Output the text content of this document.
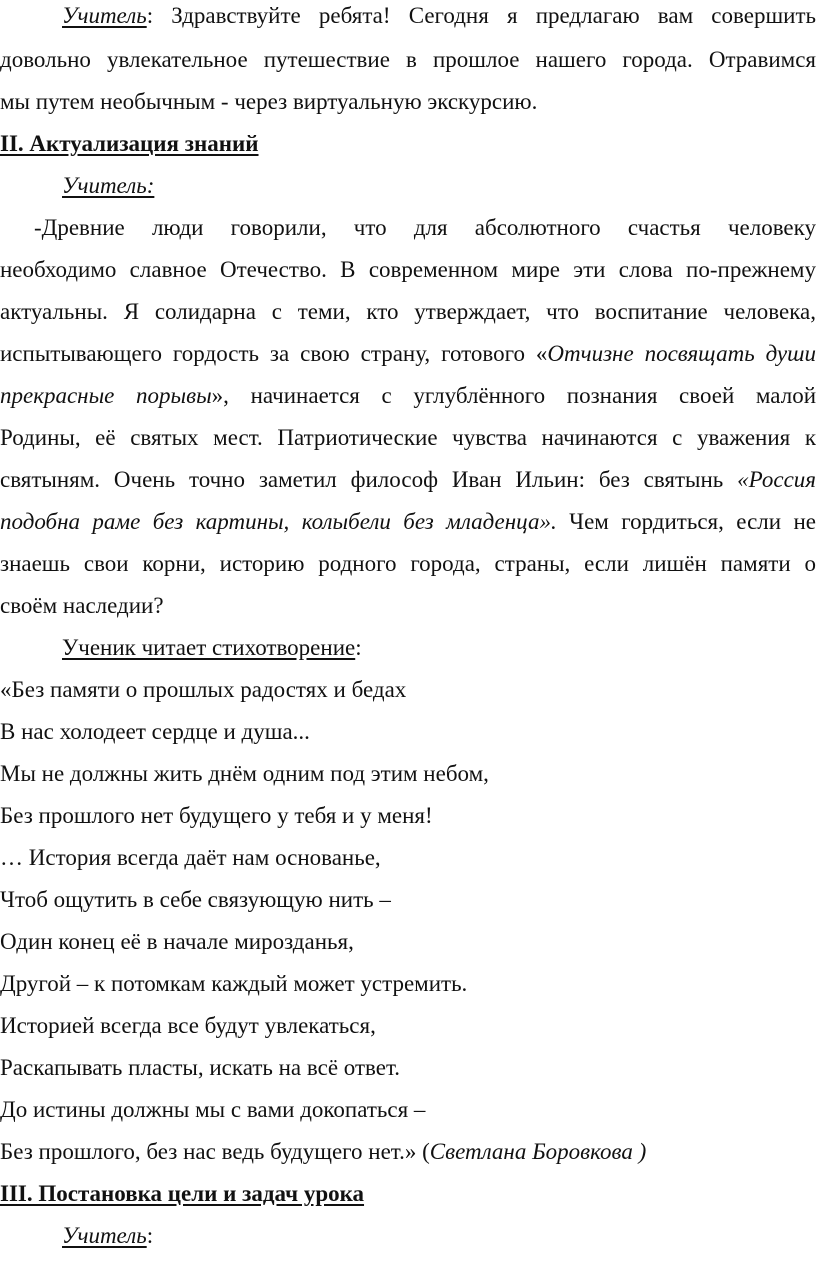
Учитель: Здравствуйте ребята! Сегодня я предлагаю вам совершить
довольно увлекательное путешествие в прошлое нашего города. Отравимся
мы путем необычным - через виртуальную экскурсию.
II. Актуализация знаний
Учитель:
-Древние люди говорили, что для абсолютного счастья человеку
необходимо славное Отечество. В современном мире эти слова по-прежнему
актуальны. Я солидарна с теми, кто утверждает, что воспитание человека,
испытывающего гордость за свою страну, готового «Отчизне посвящать души
прекрасные порывы», начинается с углублённого познания своей малой
Родины, её святых мест. Патриотические чувства начинаются с уважения к
святыням. Очень точно заметил философ Иван Ильин: без святынь «Россия
подобна раме без картины, колыбели без младенца». Чем гордиться, если не
знаешь свои корни, историю родного города, страны, если лишён памяти о
своём наследии?
Ученик читает стихотворение:
«Без памяти о прошлых радостях и бедах
В нас холодеет сердце и душа...
Мы не должны жить днём одним под этим небом,
Без прошлого нет будущего у тебя и у меня!
… История всегда даёт нам основанье,
Чтоб ощутить в себе связующую нить –
Один конец её в начале мирозданья,
Другой – к потомкам каждый может устремить.
Историей всегда все будут увлекаться,
Раскапывать пласты, искать на всё ответ.
До истины должны мы с вами докопаться –
Без прошлого, без нас ведь будущего нет.» (Светлана Боровкова )
III. Постановка цели и задач урока
Учитель:
